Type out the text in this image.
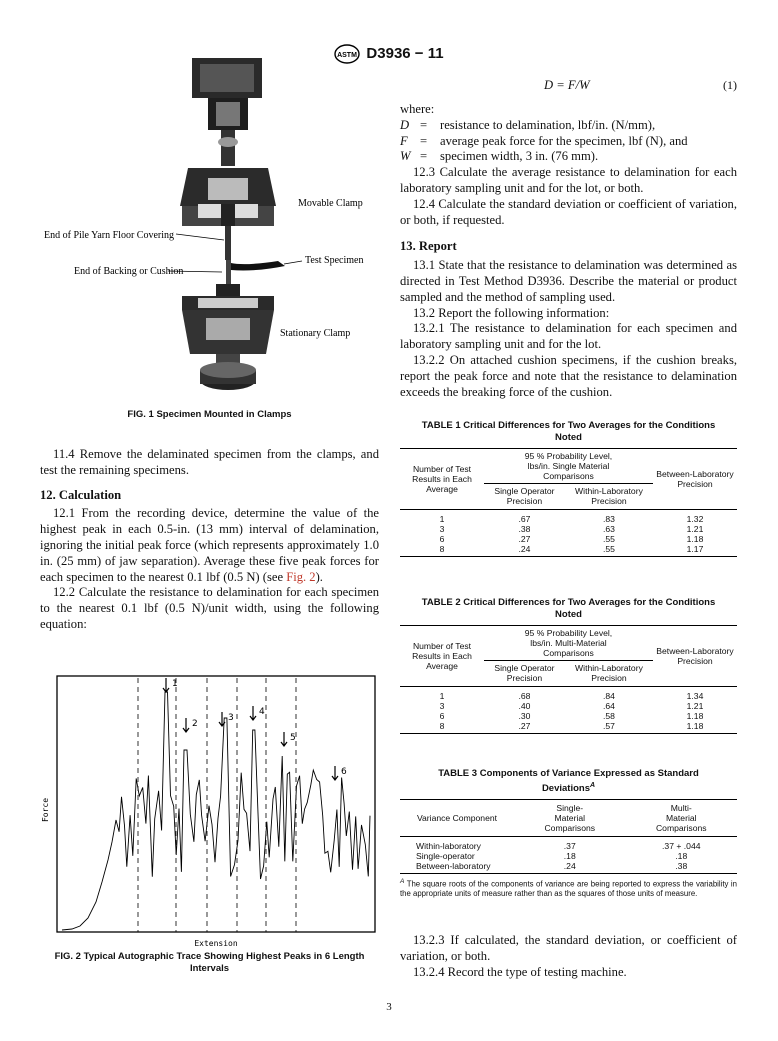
ASTM D3936 − 11
Movable Clamp
End of Pile Yarn Floor Covering
Test Specimen
End of Backing or Cushion
Stationary Clamp
FIG. 1 Specimen Mounted in Clamps

11.4 Remove the delaminated specimen from the clamps, and test the remaining specimens.

12. Calculation

12.1 From the recording device, determine the value of the highest peak in each 0.5-in. (13 mm) interval of delamination, ignoring the initial peak force (which represents approximately 1.0 in. (25 mm) of jaw separation). Average these five peak forces for each specimen to the nearest 0.1 lbf (0.5 N) (see Fig. 2).

12.2 Calculate the resistance to delamination for each specimen to the nearest 0.1 lbf (0.5 N)/unit width, using the following equation:

Force
Extension
1
2
3
4
5
6
FIG. 2 Typical Autographic Trace Showing Highest Peaks in 6 Length Intervals
D = F/W	(1)

where:

D =	resistance to delamination, lbf/in. (N/mm),
F =	average peak force for the specimen, lbf (N), and
W =	specimen width, 3 in. (76 mm).

12.3 Calculate the average resistance to delamination for each laboratory sampling unit and for the lot, or both.

12.4 Calculate the standard deviation or coefficient of variation, or both, if requested.

13. Report

13.1 State that the resistance to delamination was determined as directed in Test Method D3936. Describe the material or product sampled and the method of sampling used.

13.2 Report the following information:

13.2.1 The resistance to delamination for each specimen and laboratory sampling unit and for the lot.

13.2.2 On attached cushion specimens, if the cushion breaks, report the peak force and note that the resistance to delamination exceeds the breaking force of the cushion.

TABLE 1 Critical Differences for Two Averages for the Conditions Noted
Number of Test Results in Each Average	95 % Probability Level, lbs/in. Single Material Comparisons		Between-Laboratory Precision
	Single Operator Precision	Within-Laboratory Precision	
1	.67	.83	1.32
3	.38	.63	1.21
6	.27	.55	1.18
8	.24	.55	1.17
TABLE 2 Critical Differences for Two Averages for the Conditions Noted
Number of Test Results in Each Average	95 % Probability Level, lbs/in. Multi-Material Comparisons		Between-Laboratory Precision
	Single Operator Precision	Within-Laboratory Precision	
1	.68	.84	1.34
3	.40	.64	1.21
6	.30	.58	1.18
8	.27	.57	1.18
TABLE 3 Components of Variance Expressed as Standard Deviations$^A$
Variance Component	Single-Material Comparisons	Multi-Material Comparisons
Within-laboratory	.37	.37 + .044
Single-operator	.18	.18
Between-laboratory	.24	.38
$^A$ The square roots of the components of variance are being reported to express the variability in the appropriate units of measure rather than as the squares of those units of measure.

13.2.3 If calculated, the standard deviation, or coefficient of variation, or both.

13.2.4 Record the type of testing machine.

3
